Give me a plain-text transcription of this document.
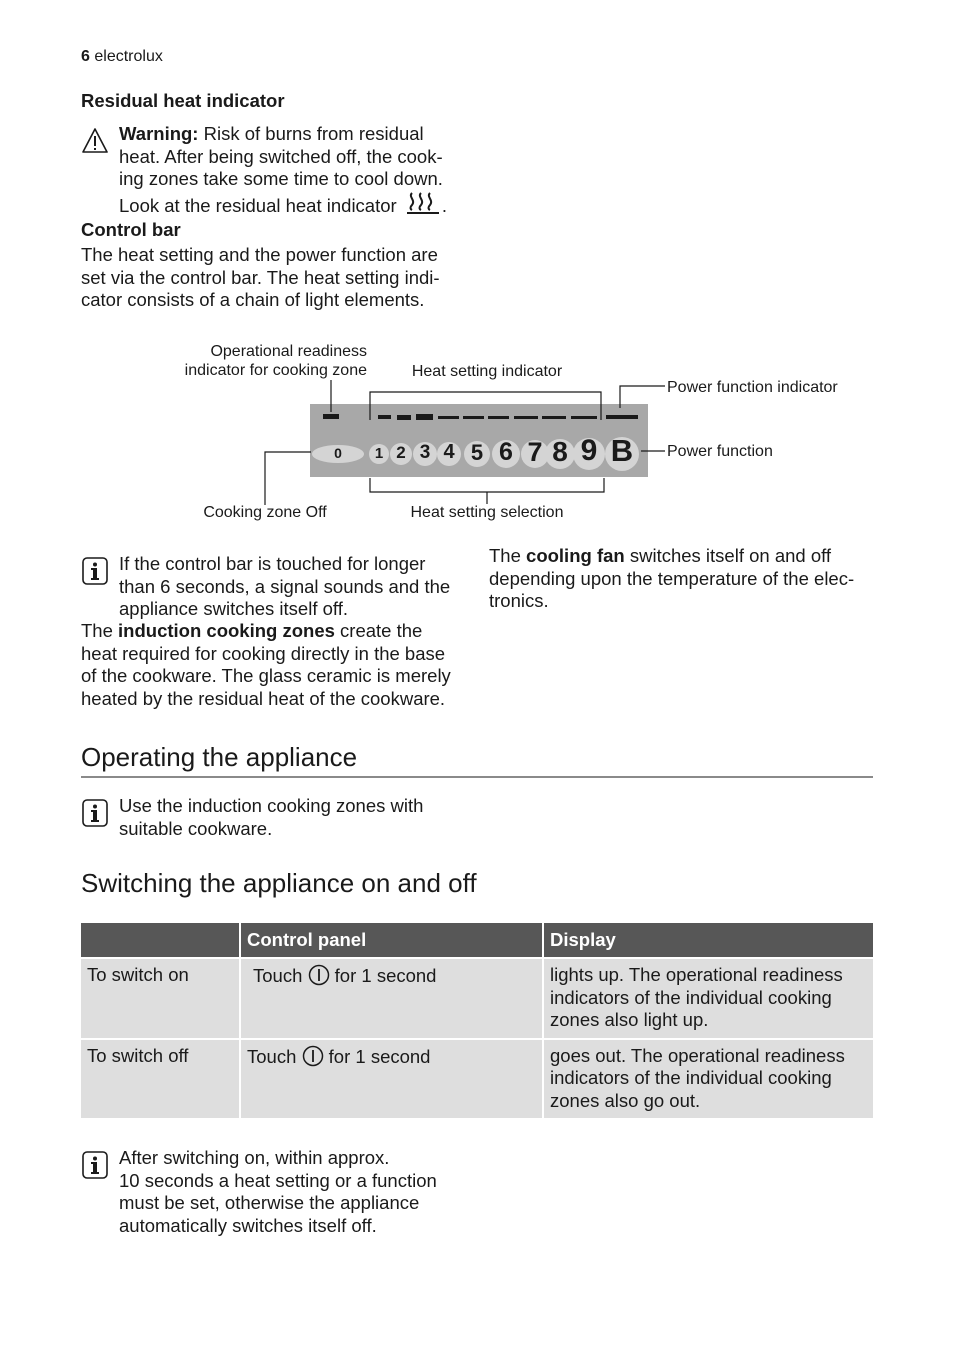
6 electrolux
Residual heat indicator
Warning: Risk of burns from residual
heat. After being switched off, the cook-
ing zones take some time to cool down.
Look at the residual heat indicator .
Control bar
The heat setting and the power function are
set via the control bar. The heat setting indi-
cator consists of a chain of light elements.
0	1 2 3 4 5 6 7 8 9 B
Operational readiness
indicator for cooking zone	Heat setting indicator
Power function indicator
Power function
Cooking zone Off	Heat setting selection
If the control bar is touched for longer
than 6 seconds, a signal sounds and the
appliance switches itself off.
The induction cooking zones create the
heat required for cooking directly in the base
of the cookware. The glass ceramic is merely
heated by the residual heat of the cookware.
The cooling fan switches itself on and off
depending upon the temperature of the elec-
tronics.
Operating the appliance
Use the induction cooking zones with
suitable cookware.
Switching the appliance on and off
	Control panel	Display
To switch on	Touch for 1 second	lights up. The operational readiness
indicators of the individual cooking
zones also light up.

To switch off	Touch for 1 second	goes out. The operational readiness
indicators of the individual cooking
zones also go out.
After switching on, within approx.
10 seconds a heat setting or a function
must be set, otherwise the appliance
automatically switches itself off.
